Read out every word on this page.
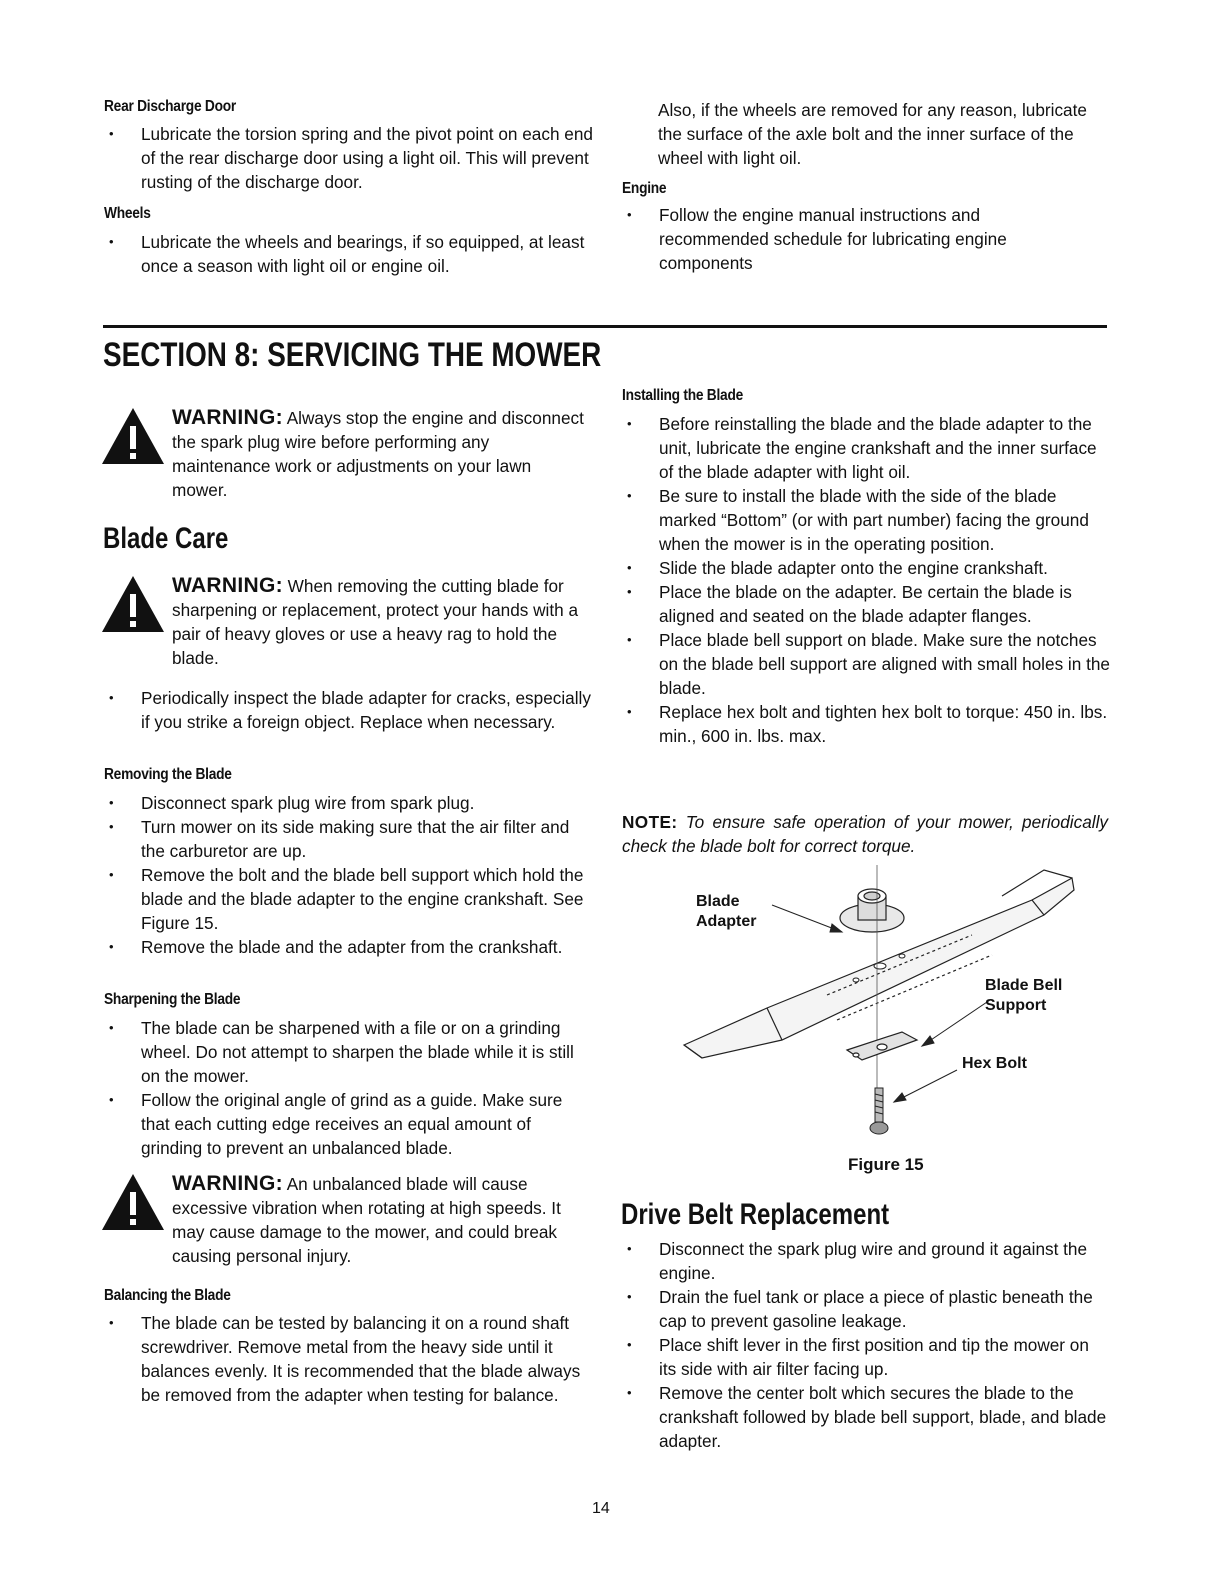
Rear Discharge Door
• Lubricate the torsion spring and the pivot point on each end of the rear discharge door using a light oil. This will prevent rusting of the discharge door.
Wheels
• Lubricate the wheels and bearings, if so equipped, at least once a season with light oil or engine oil.
Also, if the wheels are removed for any reason, lubricate the surface of the axle bolt and the inner surface of the wheel with light oil.
Engine
• Follow the engine manual instructions and recommended schedule for lubricating engine components
SECTION 8: SERVICING THE MOWER
WARNING: Always stop the engine and disconnect the spark plug wire before performing any maintenance work or adjustments on your lawn mower.
Blade Care
WARNING: When removing the cutting blade for sharpening or replacement, protect your hands with a pair of heavy gloves or use a heavy rag to hold the blade.
• Periodically inspect the blade adapter for cracks, especially if you strike a foreign object. Replace when necessary.
Removing the Blade
• Disconnect spark plug wire from spark plug.
• Turn mower on its side making sure that the air filter and the carburetor are up.
• Remove the bolt and the blade bell support which hold the blade and the blade adapter to the engine crankshaft. See Figure 15.
• Remove the blade and the adapter from the crankshaft.
Sharpening the Blade
• The blade can be sharpened with a file or on a grinding wheel. Do not attempt to sharpen the blade while it is still on the mower.
• Follow the original angle of grind as a guide. Make sure that each cutting edge receives an equal amount of grinding to prevent an unbalanced blade.
WARNING: An unbalanced blade will cause excessive vibration when rotating at high speeds. It may cause damage to the mower, and could break causing personal injury.
Balancing the Blade
• The blade can be tested by balancing it on a round shaft screwdriver. Remove metal from the heavy side until it balances evenly. It is recommended that the blade always be removed from the adapter when testing for balance.
Installing the Blade
• Before reinstalling the blade and the blade adapter to the unit, lubricate the engine crankshaft and the inner surface of the blade adapter with light oil.
• Be sure to install the blade with the side of the blade marked “Bottom” (or with part number) facing the ground when the mower is in the operating position.
• Slide the blade adapter onto the engine crankshaft.
• Place the blade on the adapter. Be certain the blade is aligned and seated on the blade adapter flanges.
• Place blade bell support on blade. Make sure the notches on the blade bell support are aligned with small holes in the blade.
• Replace hex bolt and tighten hex bolt to torque: 450 in. lbs. min., 600 in. lbs. max.
NOTE: To ensure safe operation of your mower, periodically check the blade bolt for correct torque.
Blade
Adapter
Blade Bell
Support
Hex Bolt
Figure 15
Drive Belt Replacement
• Disconnect the spark plug wire and ground it against the engine.
• Drain the fuel tank or place a piece of plastic beneath the cap to prevent gasoline leakage.
• Place shift lever in the first position and tip the mower on its side with air filter facing up.
• Remove the center bolt which secures the blade to the crankshaft followed by blade bell support, blade, and blade adapter.
14
